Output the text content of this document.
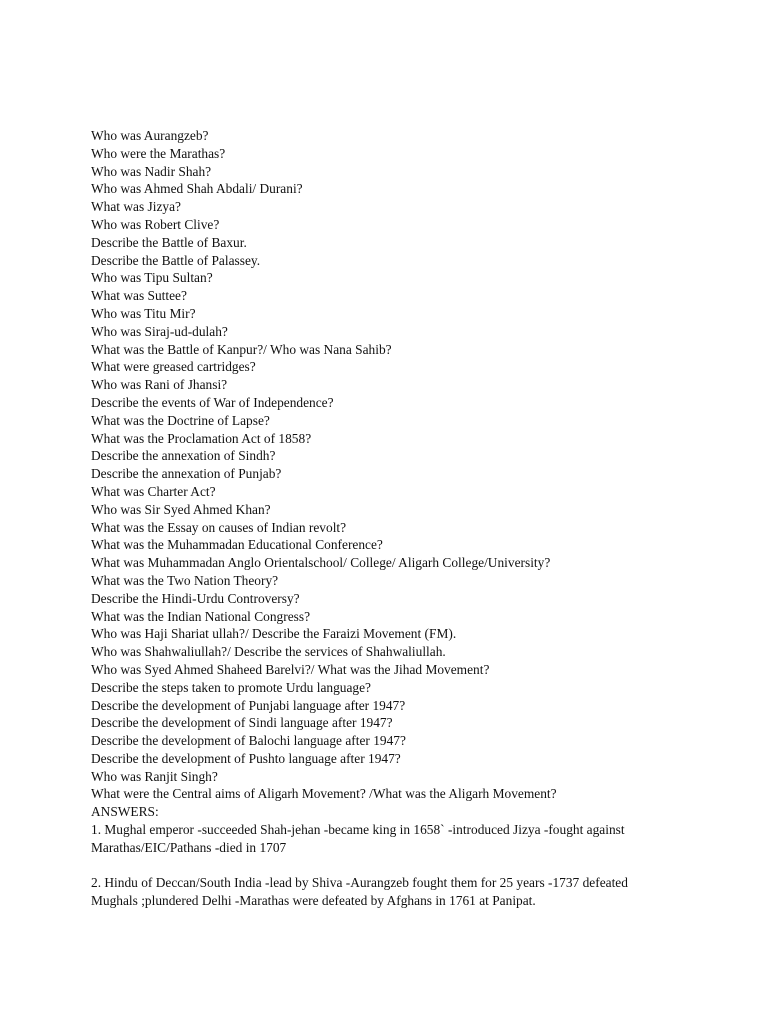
Who was Aurangzeb?
Who were the Marathas?
Who was Nadir Shah?
Who was Ahmed Shah Abdali/ Durani?
What was Jizya?
Who was Robert Clive?
Describe the Battle of Baxur.
Describe the Battle of Palassey.
Who was Tipu Sultan?
What was Suttee?
Who was Titu Mir?
Who was Siraj-ud-dulah?
What was the Battle of Kanpur?/ Who was Nana Sahib?
What were greased cartridges?
Who was Rani of Jhansi?
Describe the events of War of Independence?
What was the Doctrine of Lapse?
What was the Proclamation Act of 1858?
Describe the annexation of Sindh?
Describe the annexation of Punjab?
What was Charter Act?
Who was Sir Syed Ahmed Khan?
What was the Essay on causes of Indian revolt?
What was the Muhammadan Educational Conference?
What was Muhammadan Anglo Orientalschool/ College/ Aligarh College/University?
What was the Two Nation Theory?
Describe the Hindi-Urdu Controversy?
What was the Indian National Congress?
Who was Haji Shariat ullah?/ Describe the Faraizi Movement (FM).
Who was Shahwaliullah?/ Describe the services of Shahwaliullah.
Who was Syed Ahmed Shaheed Barelvi?/ What was the Jihad Movement?
Describe the steps taken to promote Urdu language?
Describe the development of Punjabi language after 1947?
Describe the development of Sindi language after 1947?
Describe the development of Balochi language after 1947?
Describe the development of Pushto language after 1947?
Who was Ranjit Singh?
What were the Central aims of Aligarh Movement? /What was the Aligarh Movement?
ANSWERS:
1. Mughal emperor -succeeded Shah-jehan -became king in 1658` -introduced Jizya -fought against Marathas/EIC/Pathans -died in 1707
2. Hindu of Deccan/South India -lead by Shiva -Aurangzeb fought them for 25 years -1737 defeated Mughals ;plundered Delhi -Marathas were defeated by Afghans in 1761 at Panipat.
